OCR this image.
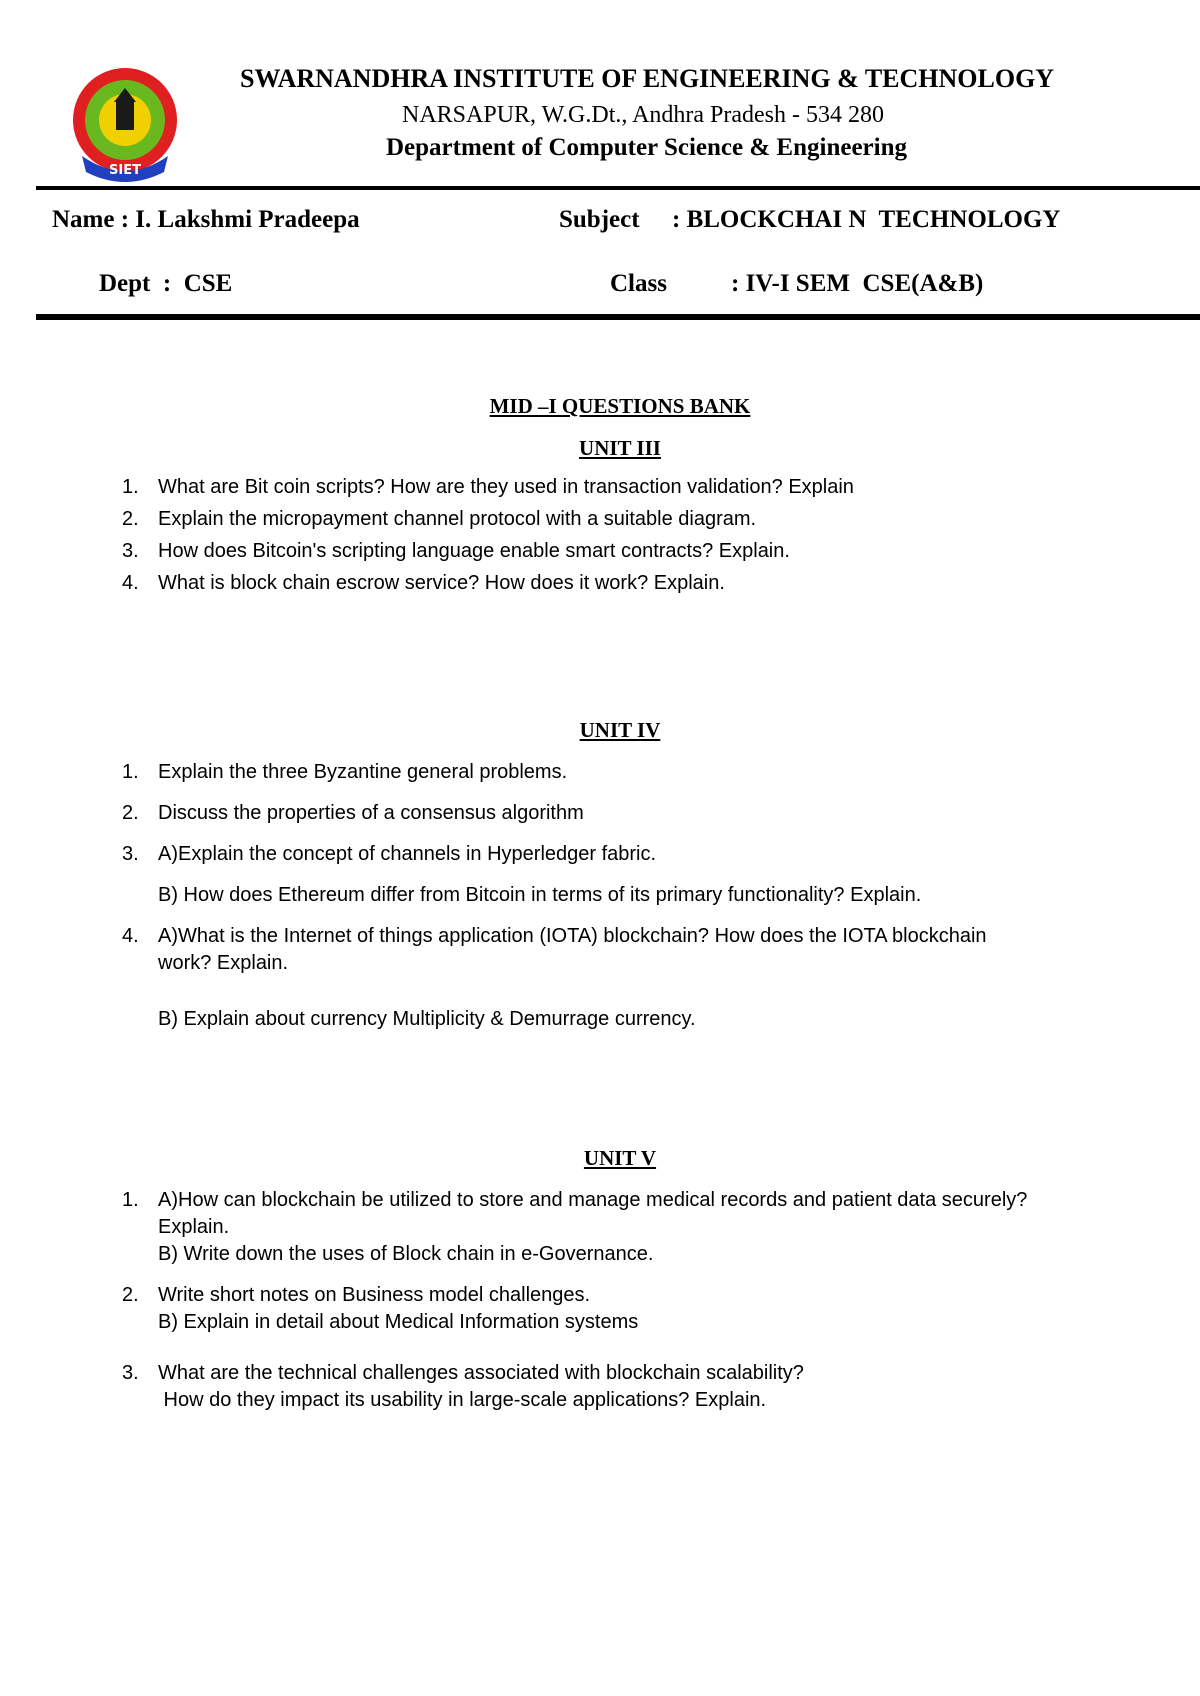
SIET
SWARNANDHRA INSTITUTE OF ENGINEERING & TECHNOLOGY
NARSAPUR, W.G.Dt., Andhra Pradesh - 534 280
Department of Computer Science & Engineering
Name : I. Lakshmi Pradeepa	Subject : BLOCKCHAI N  TECHNOLOGY
Dept  :  CSE	Class	: IV-I SEM  CSE(A&B)
MID –I QUESTIONS BANK
UNIT III
1. What are Bit coin scripts? How are they used in transaction validation? Explain
2. Explain the micropayment channel protocol with a suitable diagram.
3. How does Bitcoin's scripting language enable smart contracts? Explain.
4. What is block chain escrow service? How does it work? Explain.
UNIT IV
1. Explain the three Byzantine general problems.
2. Discuss the properties of a consensus algorithm
3. A)Explain the concept of channels in Hyperledger fabric.
B) How does Ethereum differ from Bitcoin in terms of its primary functionality? Explain.
4. A)What is the Internet of things application (IOTA) blockchain? How does the IOTA blockchain
work? Explain.
B) Explain about currency Multiplicity & Demurrage currency.
UNIT V
1. A)How can blockchain be utilized to store and manage medical records and patient data securely?
Explain.
B) Write down the uses of Block chain in e-Governance.
2. Write short notes on Business model challenges.
B) Explain in detail about Medical Information systems
3. What are the technical challenges associated with blockchain scalability?
How do they impact its usability in large-scale applications? Explain.
